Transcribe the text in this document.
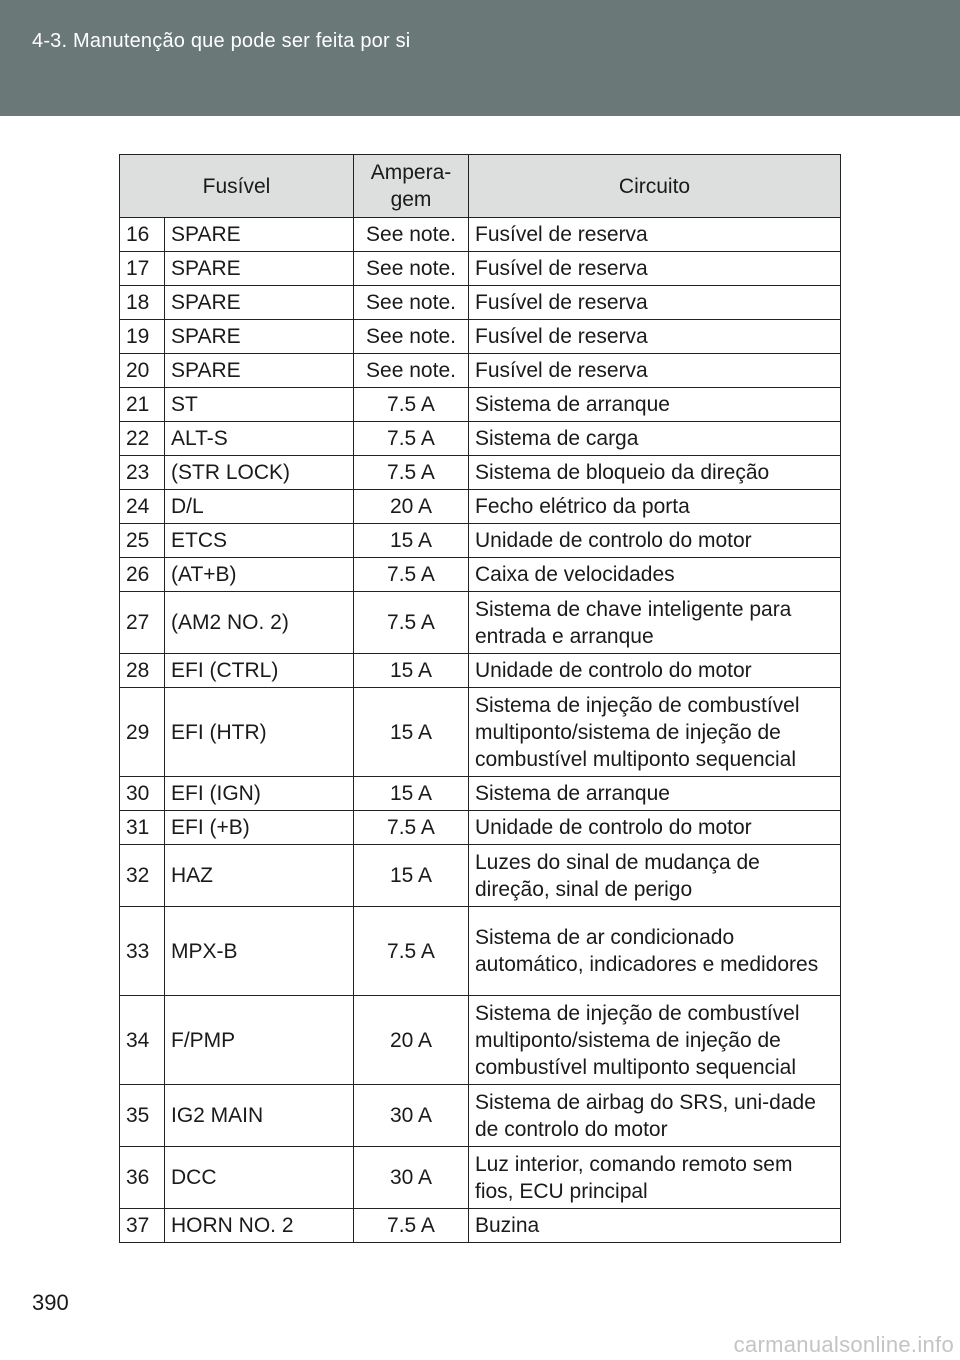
4-3. Manutenção que pode ser feita por si
Fusível		Ampera-gem	Circuito
16	SPARE	See note.	Fusível de reserva
17	SPARE	See note.	Fusível de reserva
18	SPARE	See note.	Fusível de reserva
19	SPARE	See note.	Fusível de reserva
20	SPARE	See note.	Fusível de reserva
21	ST	7.5 A	Sistema de arranque
22	ALT-S	7.5 A	Sistema de carga
23	(STR LOCK)	7.5 A	Sistema de bloqueio da direção
24	D/L	20 A	Fecho elétrico da porta
25	ETCS	15 A	Unidade de controlo do motor
26	(AT+B)	7.5 A	Caixa de velocidades
27	(AM2 NO. 2)	7.5 A	Sistema de chave inteligente para entrada e arranque
28	EFI (CTRL)	15 A	Unidade de controlo do motor
29	EFI (HTR)	15 A	Sistema de injeção de combustível multiponto/sistema de injeção de combustível multiponto sequencial
30	EFI (IGN)	15 A	Sistema de arranque
31	EFI (+B)	7.5 A	Unidade de controlo do motor
32	HAZ	15 A	Luzes do sinal de mudança de direção, sinal de perigo
33	MPX-B	7.5 A	Sistema de ar condicionado automático, indicadores e medidores
34	F/PMP	20 A	Sistema de injeção de combustível multiponto/sistema de injeção de combustível multiponto sequencial
35	IG2 MAIN	30 A	Sistema de airbag do SRS, uni-dade de controlo do motor
36	DCC	30 A	Luz interior, comando remoto sem fios, ECU principal
37	HORN NO. 2	7.5 A	Buzina
390
carmanualsonline.info
